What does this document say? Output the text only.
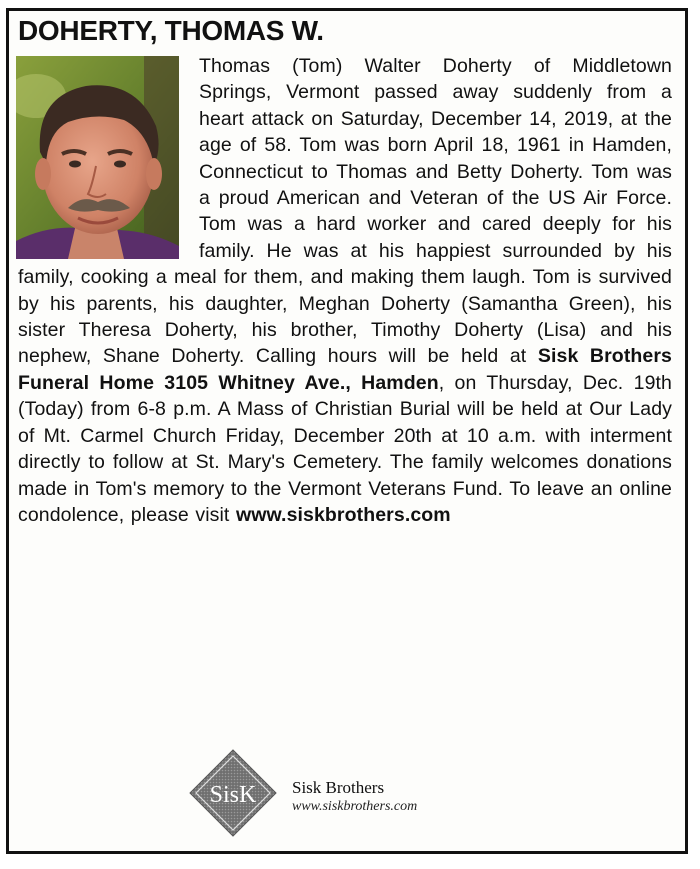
DOHERTY, THOMAS W.

Thomas (Tom) Walter Doherty of Middletown Springs, Vermont passed away suddenly from a heart attack on Saturday, December 14, 2019, at the age of 58. Tom was born April 18, 1961 in Hamden, Connecticut to Thomas and Betty Doherty. Tom was a proud American and Veteran of the US Air Force. Tom was a hard worker and cared deeply for his family. He was at his happiest surrounded by his family, cooking a meal for them, and making them laugh. Tom is survived by his parents, his daughter, Meghan Doherty (Samantha Green), his sister Theresa Doherty, his brother, Timothy Doherty (Lisa) and his nephew, Shane Doherty. Calling hours will be held at Sisk Brothers Funeral Home 3105 Whitney Ave., Hamden, on Thursday, Dec. 19th (Today) from 6-8 p.m. A Mass of Christian Burial will be held at Our Lady of Mt. Carmel Church Friday, December 20th at 10 a.m. with interment directly to follow at St. Mary's Cemetery. The family welcomes donations made in Tom's memory to the Vermont Veterans Fund. To leave an online condolence, please visit www.siskbrothers.com

SisK Sisk Brothers
www.siskbrothers.com
